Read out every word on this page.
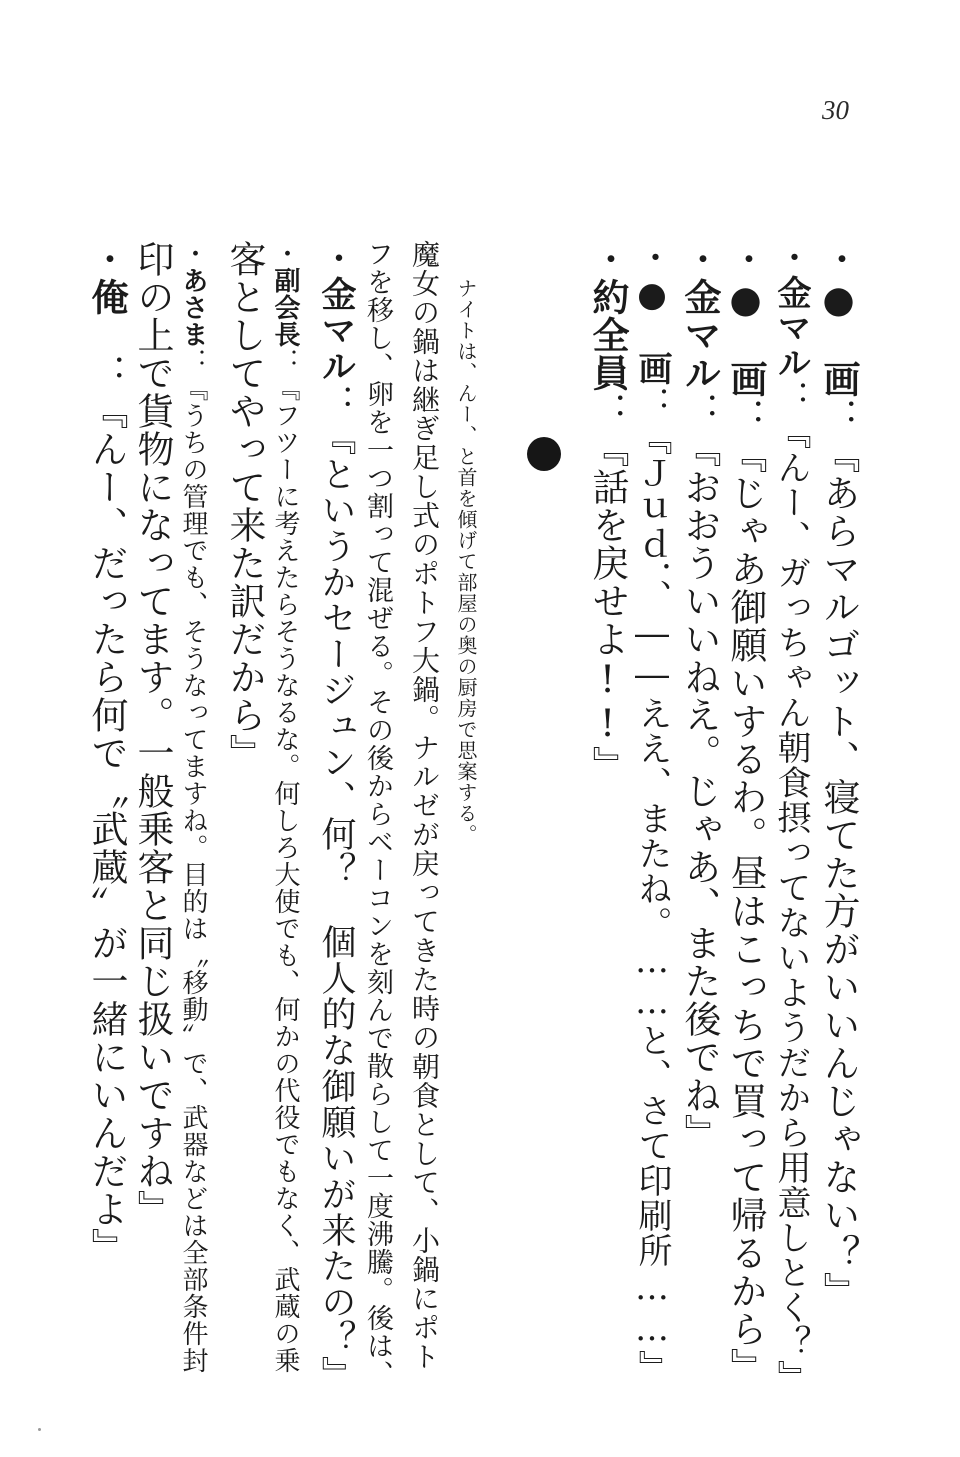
30
・●　画：『あらマルゴット、寝てた方がいいんじゃない？』
・金マル：『んー、ガっちゃん朝食摂ってないようだから用意しとく？』
・●　画：『じゃあ御願いするわ。昼はこっちで買って帰るから』
・金マル：『おおういいねえ。じゃあ、また後でね』
・●　画：『Ｊｕｄ．、――ええ、またね。……と、さて印刷所……』
・約全員：『話を戻せよ!!』
ナイトは、んー、と首を傾げて部屋の奥の厨房で思案する。
魔女の鍋は継ぎ足し式のポトフ大鍋。ナルゼが戻ってきた時の朝食として、小鍋にポト
フを移し、卵を一つ割って混ぜる。その後からベーコンを刻んで散らして一度沸騰。後は、
・金マル：『というかセージュン、何？　個人的な御願いが来たの？』
・副会長：『フツーに考えたらそうなるな。何しろ大使でも、何かの代役でもなく、武蔵の乗
客としてやって来た訳だから』
・あさま：『うちの管理でも、そうなってますね。目的は〝移動〟で、武器などは全部条件封
印の上で貨物になってます。一般乗客と同じ扱いですね』
・俺　：『んー、だったら何で〝武蔵〟が一緒にいんだよ』
